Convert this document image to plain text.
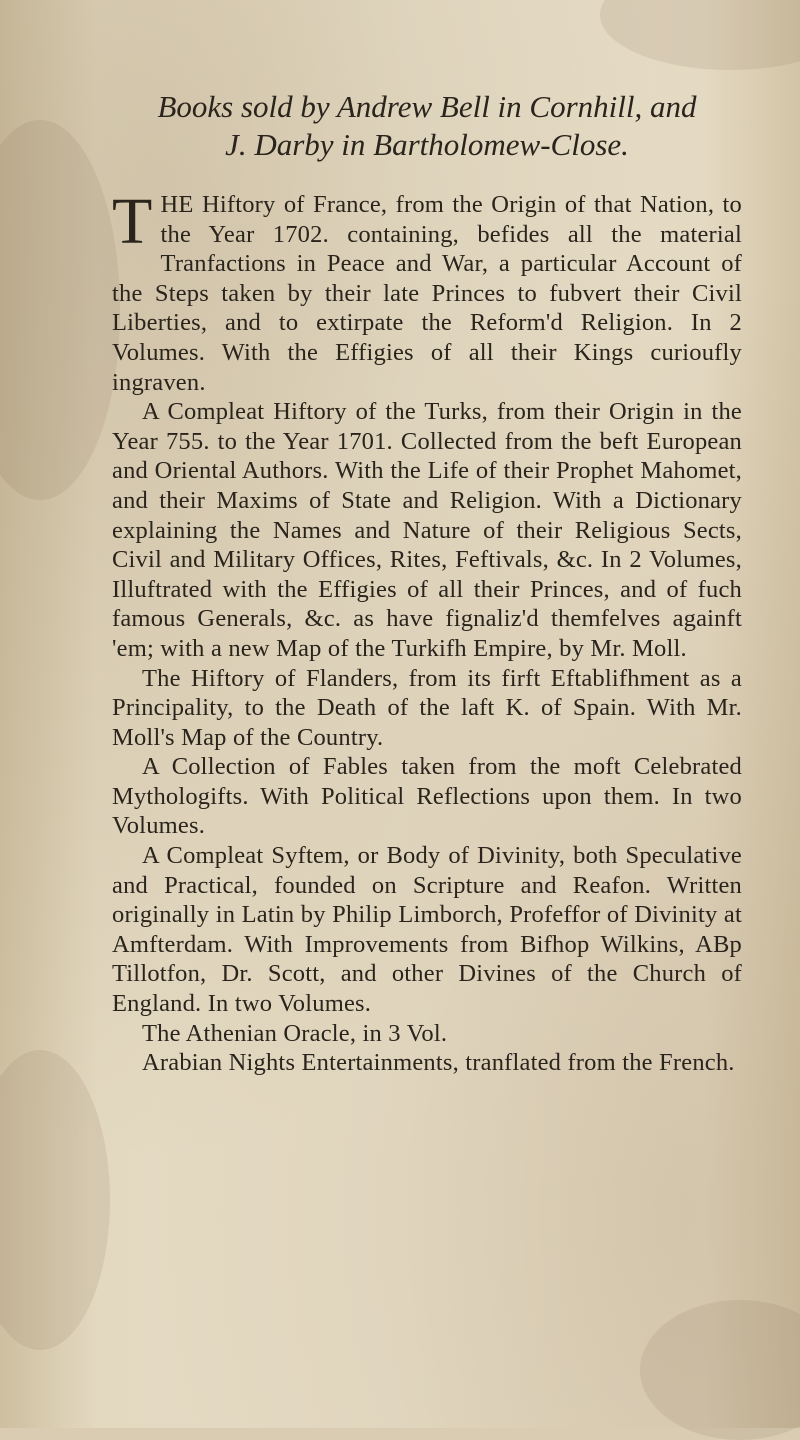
Books sold by Andrew Bell in Cornhill, and
J. Darby in Bartholomew-Close.

THE Hiftory of France, from the Origin of that Nation, to the Year 1702. containing, befides all the material Tranfactions in Peace and War, a particular Account of the Steps taken by their late Princes to fubvert their Civil Liberties, and to extirpate the Reform'd Religion. In 2 Volumes. With the Effigies of all their Kings curioufly ingraven.

A Compleat Hiftory of the Turks, from their Origin in the Year 755. to the Year 1701. Collected from the beft European and Oriental Authors. With the Life of their Prophet Mahomet, and their Maxims of State and Religion. With a Dictionary explaining the Names and Nature of their Religious Sects, Civil and Military Offices, Rites, Feftivals, &c. In 2 Volumes, Illuftrated with the Effigies of all their Princes, and of fuch famous Generals, &c. as have fignaliz'd themfelves againft 'em; with a new Map of the Turkifh Empire, by Mr. Moll.

The Hiftory of Flanders, from its firft Eftablifhment as a Principality, to the Death of the laft K. of Spain. With Mr. Moll's Map of the Country.

A Collection of Fables taken from the moft Celebrated Mythologifts. With Political Reflections upon them. In two Volumes.

A Compleat Syftem, or Body of Divinity, both Speculative and Practical, founded on Scripture and Reafon. Written originally in Latin by Philip Limborch, Profeffor of Divinity at Amfterdam. With Improvements from Bifhop Wilkins, ABp Tillotfon, Dr. Scott, and other Divines of the Church of England. In two Volumes.

The Athenian Oracle, in 3 Vol.

Arabian Nights Entertainments, tranflated from the French.
